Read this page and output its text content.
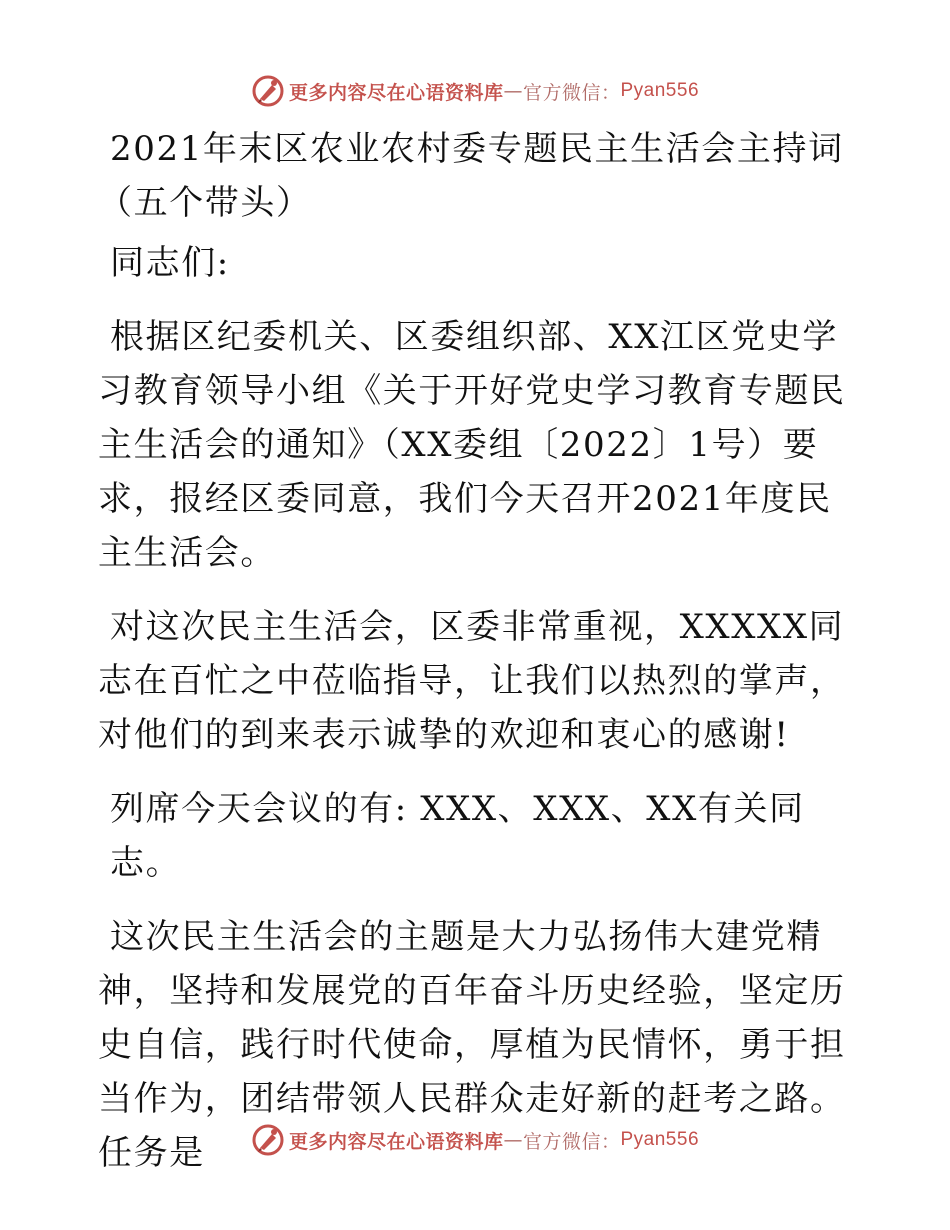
更多内容尽在心语资料库 — 官方微信： Pyan556

2021年末区农业农村委专题民主生活会主持词

（五个带头）

同志们:

根据区纪委机关、区委组织部、XX江区党史学习教育领导小组《关于开好党史学习教育专题民主生活会的通知》（XX委组〔2022〕1号）要求，报经区委同意，我们今天召开2021年度民主生活会。

对这次民主生活会，区委非常重视，XXXXX同志在百忙之中莅临指导，让我们以热烈的掌声，对他们的到来表示诚挚的欢迎和衷心的感谢!

列席今天会议的有: XXX、XXX、XX有关同志。

这次民主生活会的主题是大力弘扬伟大建党精神，坚持和发展党的百年奋斗历史经验，坚定历史自信，践行时代使命，厚植为民情怀，勇于担当作为，团结带领人民群众走好新的赶考之路。任务是	更多内容尽在心语资料库 — 官方微信： Pyan556
